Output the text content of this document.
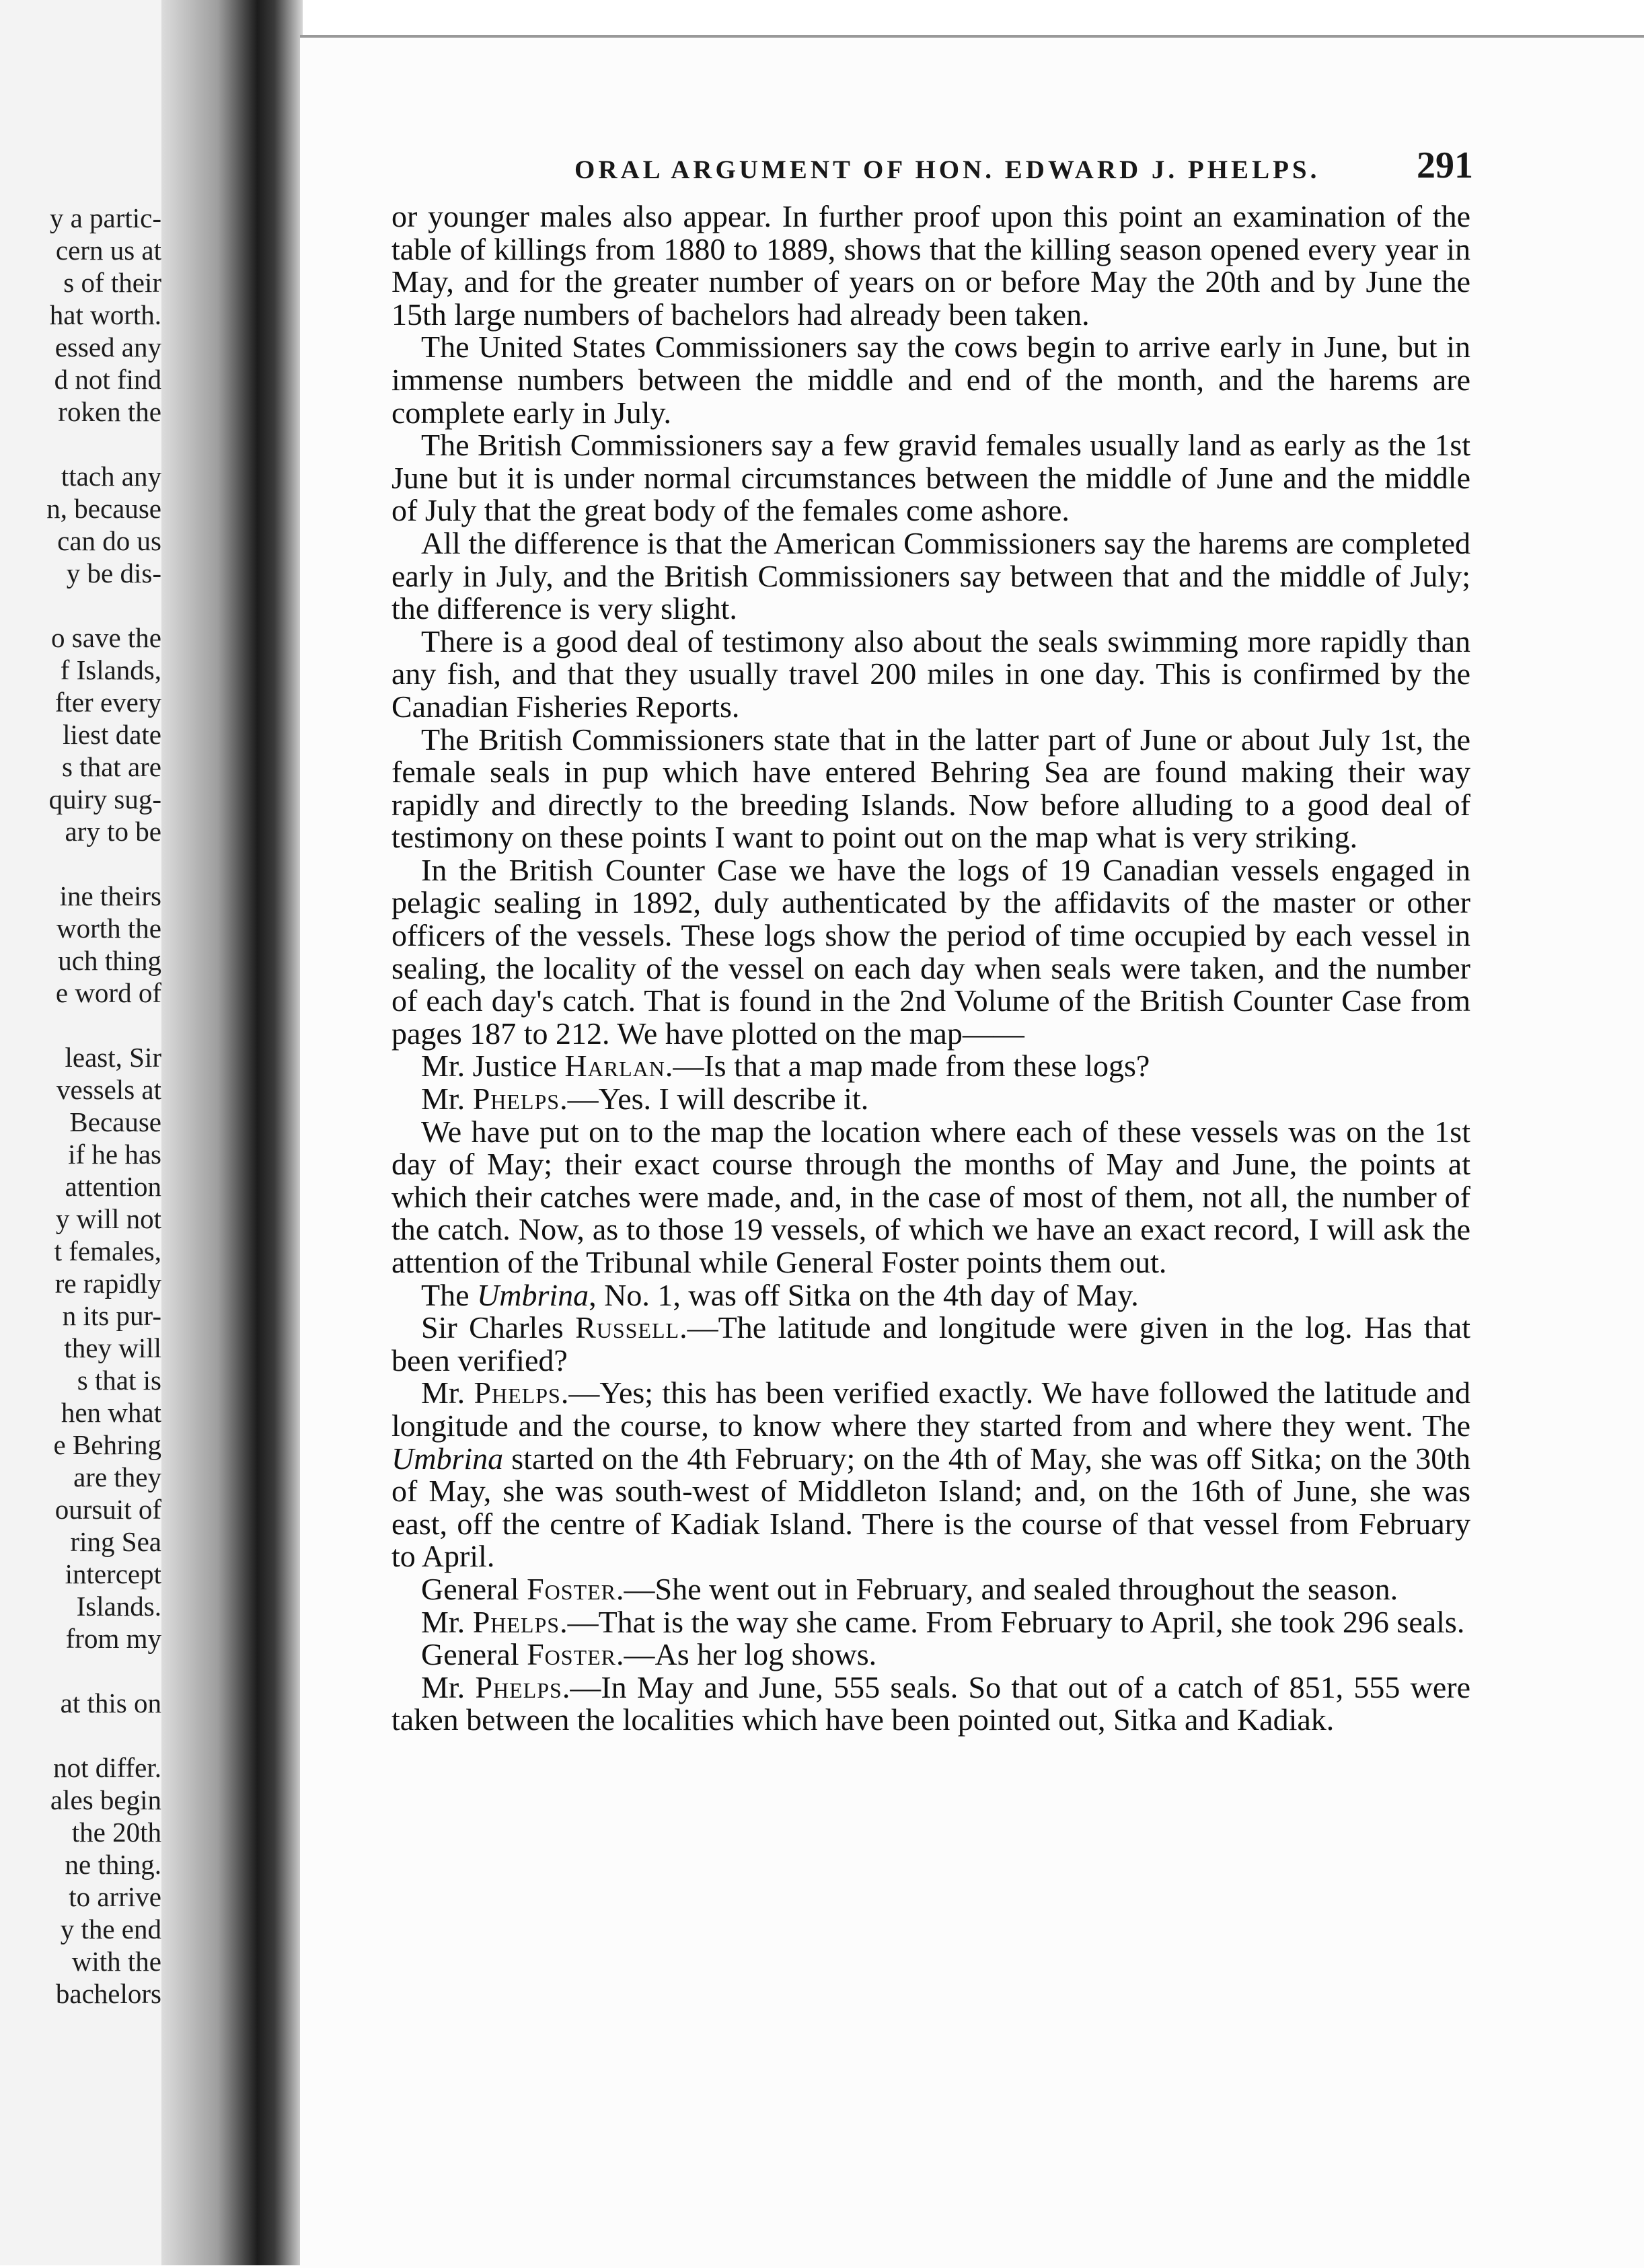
y a partic-
cern us at
s of their
hat worth.
essed any
d not find
roken the
ttach any
n, because
can do us
y be dis-
o save the
f Islands,
fter every
liest date
s that are
quiry sug-
ary to be
ine theirs
worth the
uch thing
e word of
least, Sir
vessels at
Because
if he has
attention
y will not
t females,
re rapidly
n its pur-
they will
s that is
hen what
e Behring
are they
oursuit of
ring Sea
intercept
Islands.
from my
at this on
not differ.
ales begin
the 20th
ne thing.
to arrive
y the end
with the
bachelors
ORAL ARGUMENT OF HON. EDWARD J. PHELPS.	291

or younger males also appear. In further proof upon this point an examination of the table of killings from 1880 to 1889, shows that the killing season opened every year in May, and for the greater number of years on or before May the 20th and by June the 15th large numbers of bachelors had already been taken.

The United States Commissioners say the cows begin to arrive early in June, but in immense numbers between the middle and end of the month, and the harems are complete early in July.

The British Commissioners say a few gravid females usually land as early as the 1st June but it is under normal circumstances between the middle of June and the middle of July that the great body of the females come ashore.

All the difference is that the American Commissioners say the harems are completed early in July, and the British Commissioners say between that and the middle of July; the difference is very slight.

There is a good deal of testimony also about the seals swimming more rapidly than any fish, and that they usually travel 200 miles in one day. This is confirmed by the Canadian Fisheries Reports.

The British Commissioners state that in the latter part of June or about July 1st, the female seals in pup which have entered Behring Sea are found making their way rapidly and directly to the breeding Islands. Now before alluding to a good deal of testimony on these points I want to point out on the map what is very striking.

In the British Counter Case we have the logs of 19 Canadian vessels engaged in pelagic sealing in 1892, duly authenticated by the affidavits of the master or other officers of the vessels. These logs show the period of time occupied by each vessel in sealing, the locality of the vessel on each day when seals were taken, and the number of each day's catch. That is found in the 2nd Volume of the British Counter Case from pages 187 to 212. We have plotted on the map——

Mr. Justice Harlan.—Is that a map made from these logs?

Mr. Phelps.—Yes. I will describe it.

We have put on to the map the location where each of these vessels was on the 1st day of May; their exact course through the months of May and June, the points at which their catches were made, and, in the case of most of them, not all, the number of the catch. Now, as to those 19 vessels, of which we have an exact record, I will ask the attention of the Tribunal while General Foster points them out.

The Umbrina, No. 1, was off Sitka on the 4th day of May.

Sir Charles Russell.—The latitude and longitude were given in the log. Has that been verified?

Mr. Phelps.—Yes; this has been verified exactly. We have followed the latitude and longitude and the course, to know where they started from and where they went. The Umbrina started on the 4th February; on the 4th of May, she was off Sitka; on the 30th of May, she was south-west of Middleton Island; and, on the 16th of June, she was east, off the centre of Kadiak Island. There is the course of that vessel from February to April.

General Foster.—She went out in February, and sealed throughout the season.

Mr. Phelps.—That is the way she came. From February to April, she took 296 seals.

General Foster.—As her log shows.

Mr. Phelps.—In May and June, 555 seals. So that out of a catch of 851, 555 were taken between the localities which have been pointed out, Sitka and Kadiak.
